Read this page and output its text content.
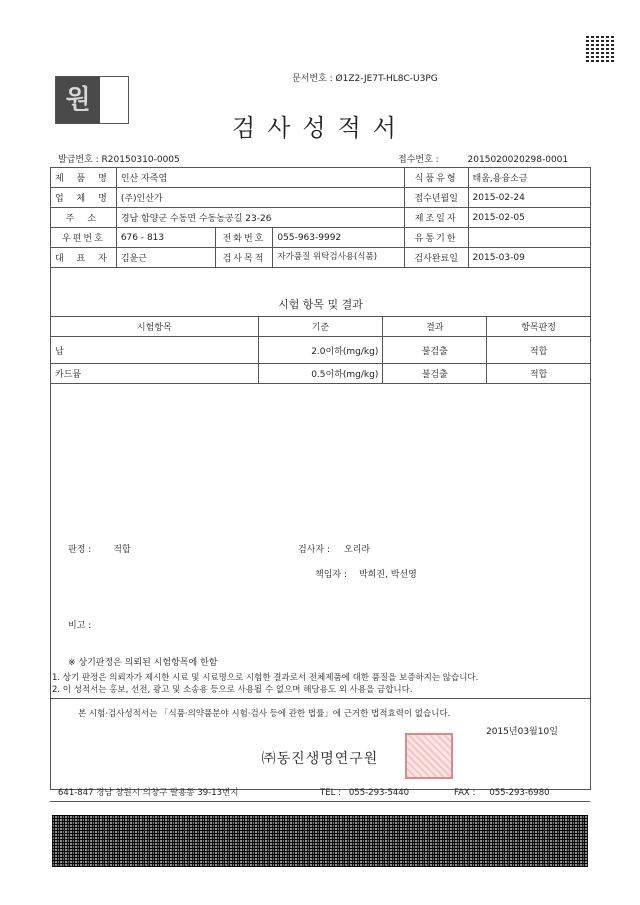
원
문서번호 : Ø1Z2-JE7T-HL8C-U3PG
검사성적서
발급번호 : R20150310-0005	접수번호 :	2015020020298-0001
제 품 명	인산 자죽염			식품유형	태움,용융소금
업 체 명	(주)인산가			접수년월일	2015-02-24
주 소	경남 함양군 수동면 수동농공길 23-26			제조일자	2015-02-05
우편번호	676 - 813	전화번호	055-963-9992	유통기한	
대 표 자	김윤근	검사목적	자가품질 위탁검사용(식품)	검사완료일	2015-03-09
시험 항목 및 결과
시험항목	기준	결과	항목판정
납	2.0이하(mg/kg)	불검출	적합
카드뮴	0.5이하(mg/kg)	불검출	적합
판정 : 적합	검사자 : 오리라
책임자 : 박희진, 박선영
비고 :
※ 상기판정은 의뢰된 시험항목에 한함
1. 상기 판정은 의뢰자가 제시한 시료 및 시료명으로 시험한 결과로서 전체제품에 대한 품질을 보증하지는 않습니다.
2. 이 성적서는 홍보, 선전, 광고 및 소송용 등으로 사용될 수 없으며 해당용도 외 사용을 금합니다.
본 시험·검사성적서는 「식품·의약품분야 시험·검사 등에 관한 법률」에 근거한 법적효력이 없습니다.
2015년03월10일
㈜동진생명연구원
641-847 경남 창원시 의창구 팔용동 39-13번지	TEL : 055-293-5440	FAX : 055-293-6980
